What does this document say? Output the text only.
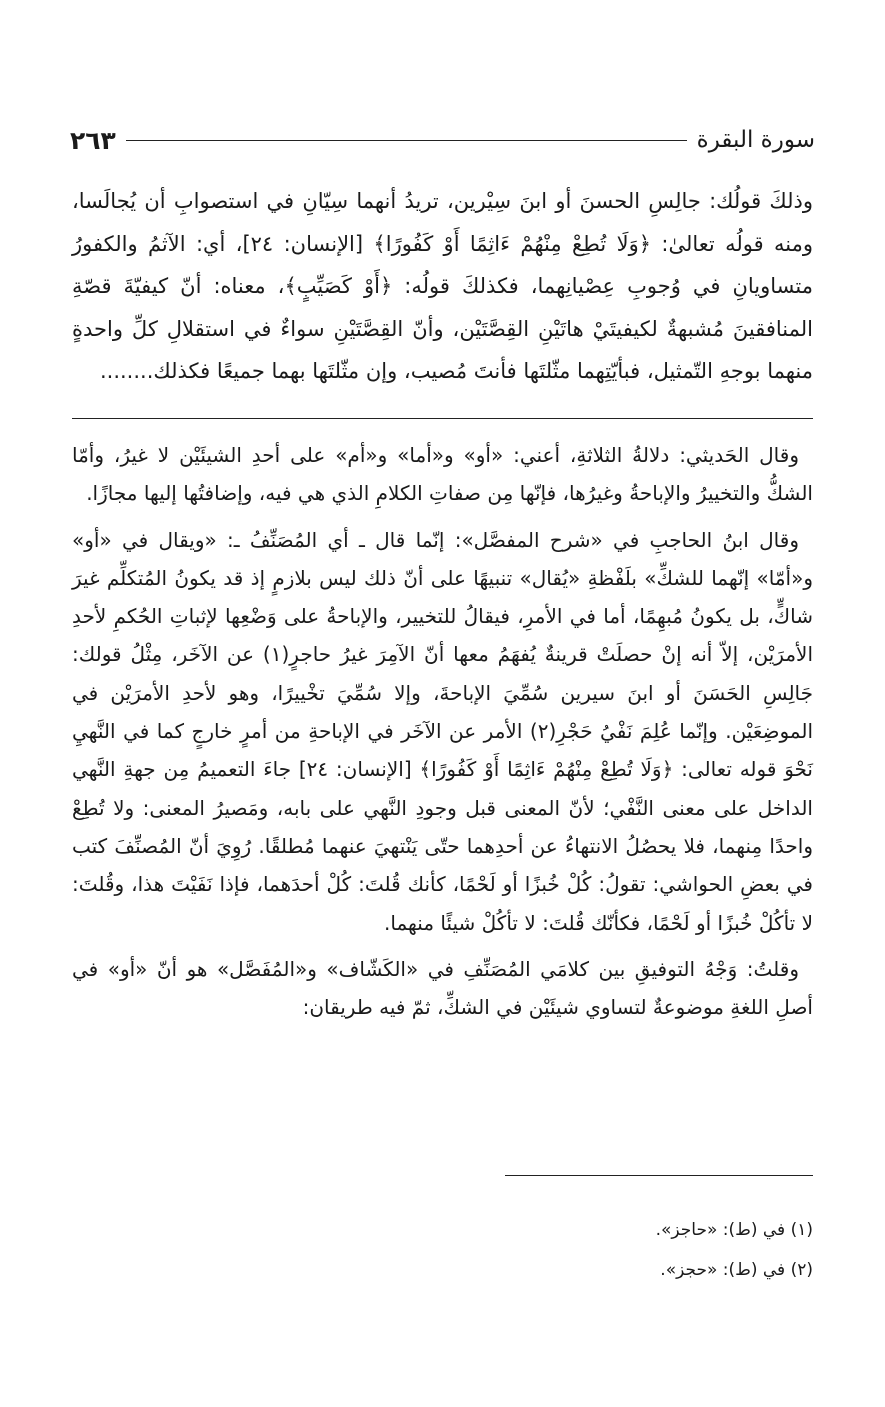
سورة البقرة
٢٦٣

وذلكَ قولُك: جالِسِ الحسنَ أو ابنَ سِيْرين، تريدُ أنهما سِيّانِ في استصوابِ أن يُجالَسا، ومنه قولُه تعالىٰ: ﴿وَلَا تُطِعْ مِنْهُمْ ءَاثِمًا أَوْ كَفُورًا﴾ [الإنسان: ٢٤]، أي: الآثمُ والكفورُ متساويانِ في وُجوبِ عِصْيانِهما، فكذلكَ قولُه: ﴿أَوْ كَصَيِّبٍ﴾، معناه: أنّ كيفيّةَ قصّةِ المنافقينَ مُشبهةٌ لكيفيتَيْ هاتَيْنِ القِصَّتَيْن، وأنّ القِصَّتَيْنِ سواءٌ في استقلالِ كلِّ واحدةٍ منهما بوجهِ التّمثيل، فبأيّتِهما مثّلتَها فأنتَ مُصيب، وإن مثّلتَها بهما جميعًا فكذلك........

وقال الحَديثي: دلالةُ الثلاثةِ، أعني: «أو» و«أما» و«أم» على أحدِ الشيئَيْن لا غيرُ، وأمّا الشكُّ والتخييرُ والإباحةُ وغيرُها، فإنّها مِن صفاتِ الكلامِ الذي هي فيه، وإضافتُها إليها مجازًا.

وقال ابنُ الحاجبِ في «شرح المفصَّل»: إنّما قال ـ أي المُصَنِّفُ ـ: «ويقال في «أو» و«أمّا» إنّهما للشكِّ» بلَفْظةِ «يُقال» تنبيهًا على أنّ ذلك ليس بلازمٍ إذ قد يكونُ المُتكلِّم غيرَ شاكٍّ، بل يكونُ مُبهِمًا، أما في الأمرِ، فيقالُ للتخيير، والإباحةُ على وَضْعِها لإثباتِ الحُكمِ لأحدِ الأمرَيْن، إلاّ أنه إنْ حصلَتْ قرينةٌ يُفهَمُ معها أنّ الآمِرَ غيرُ حاجرٍ(١) عن الآخَر، مِثْلُ قولك: جَالِسِ الحَسَنَ أو ابنَ سيرين سُمِّيَ الإباحةَ، وإلا سُمِّيَ تخْييرًا، وهو لأحدِ الأمرَيْن في الموضِعَيْن. وإنّما عُلِمَ نَفْيُ حَجْرِ(٢) الأمر عن الآخَر في الإباحةِ من أمرٍ خارجٍ كما في النَّهيِ نَحْوَ قوله تعالى: ﴿وَلَا تُطِعْ مِنْهُمْ ءَاثِمًا أَوْ كَفُورًا﴾ [الإنسان: ٢٤] جاءَ التعميمُ مِن جهةِ النَّهي الداخل على معنى النَّفْي؛ لأنّ المعنى قبل وجودِ النَّهي على بابه، ومَصيرُ المعنى: ولا تُطِعْ واحدًا مِنهما، فلا يحصُلُ الانتهاءُ عن أحدِهما حتّى يَنْتهيَ عنهما مُطلقًا. رُوِيَ أنّ المُصنِّفَ كتب في بعضِ الحواشي: تقولُ: كُلْ خُبزًا أو لَحْمًا، كأنك قُلتَ: كُلْ أحدَهما، فإذا نَفَيْتَ هذا، وقُلتَ: لا تأكُلْ خُبزًا أو لَحْمًا، فكأنّك قُلتَ: لا تأكُلْ شيئًا منهما.

وقلتُ: وَجْهُ التوفيقِ بين كلامَي المُصَنِّفِ في «الكَشّاف» و«المُفَصَّل» هو أنّ «أو» في أصلِ اللغةِ موضوعةٌ لتساوي شيئَيْن في الشكِّ، ثمّ فيه طريقان:

(١) في (ط): «حاجز».
(٢) في (ط): «حجز».
